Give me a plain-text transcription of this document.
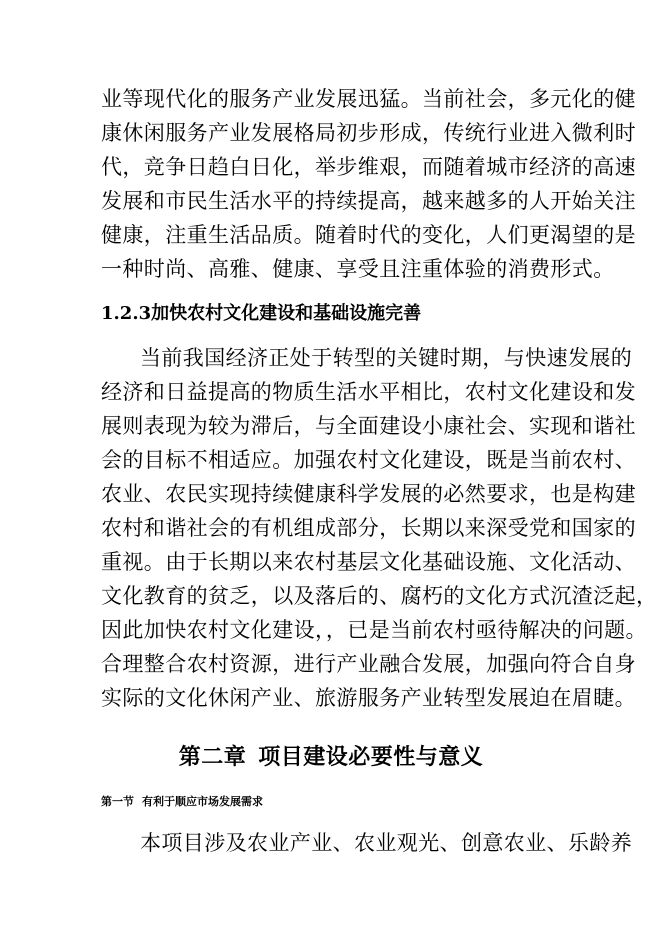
业等现代化的服务产业发展迅猛。当前社会，多元化的健
康休闲服务产业发展格局初步形成，传统行业进入微利时
代，竞争日趋白日化，举步维艰，而随着城市经济的高速
发展和市民生活水平的持续提高，越来越多的人开始关注
健康，注重生活品质。随着时代的变化，人们更渴望的是
一种时尚、高雅、健康、享受且注重体验的消费形式。
1.2.3加快农村文化建设和基础设施完善
当前我国经济正处于转型的关键时期，与快速发展的
经济和日益提高的物质生活水平相比，农村文化建设和发
展则表现为较为滞后，与全面建设小康社会、实现和谐社
会的目标不相适应。加强农村文化建设，既是当前农村、
农业、农民实现持续健康科学发展的必然要求，也是构建
农村和谐社会的有机组成部分，长期以来深受党和国家的
重视。由于长期以来农村基层文化基础设施、文化活动、
文化教育的贫乏，以及落后的、腐朽的文化方式沉渣泛起，
因此加快农村文化建设，，已是当前农村亟待解决的问题。
合理整合农村资源，进行产业融合发展，加强向符合自身
实际的文化休闲产业、旅游服务产业转型发展迫在眉睫。
第二章 项目建设必要性与意义
第一节 有利于顺应市场发展需求
本项目涉及农业产业、农业观光、创意农业、乐龄养
